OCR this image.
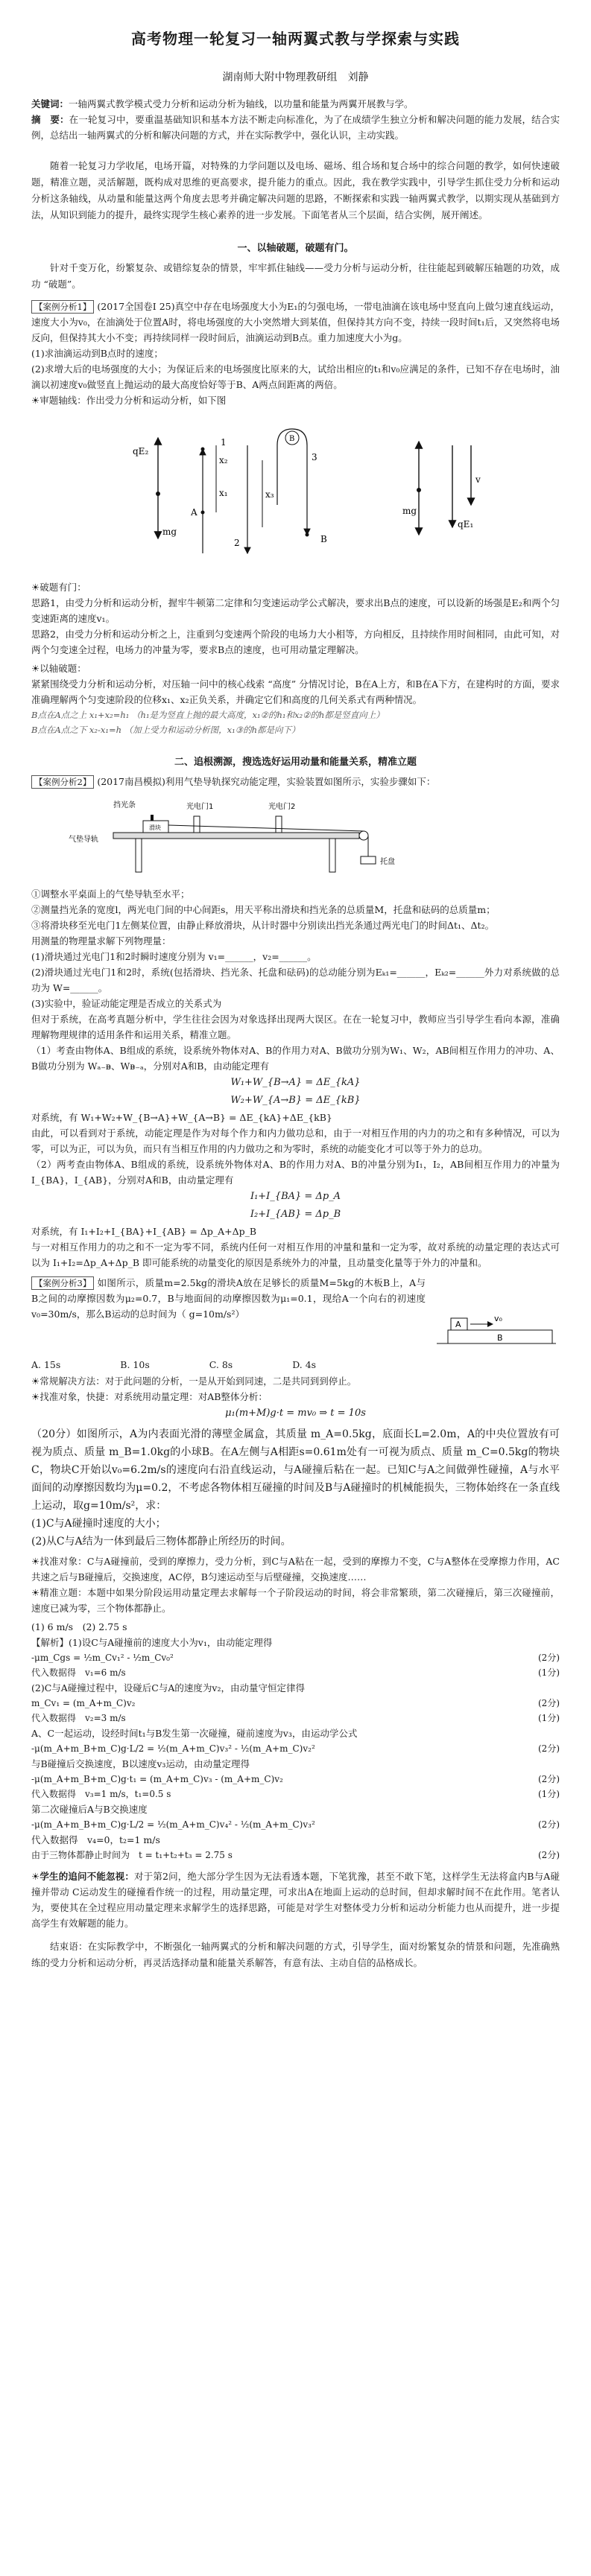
高考物理一轮复习一轴两翼式教与学探索与实践
湖南师大附中物理教研组　刘静
关键词：一轴两翼式教学模式受力分析和运动分析为轴线，以功量和能量为两翼开展教与学。
摘　要：在一轮复习中，要重温基础知识和基本方法不断走向标准化，为了在成绩学生独立分析和解决问题的能力发展，结合实例，总结出一轴两翼式的分析和解决问题的方式，并在实际教学中，强化认识，主动实践。
随着一轮复习力学收尾，电场开篇，对特殊的力学问题以及电场、磁场、组合场和复合场中的综合问题的教学，如何快速破题，精准立题，灵活解题，既构成对思维的更高要求，提升能力的重点。因此，我在教学实践中，引导学生抓住受力分析和运动分析这条轴线，从动量和能量这两个角度去思考并确定解决问题的思路，不断探索和实践一轴两翼式教学，以期实现从基础到方法，从知识到能力的提升，最终实现学生核心素养的进一步发展。下面笔者从三个层面，结合实例，展开阐述。
一、以轴破题，破题有门。
针对千变万化，纷繁复杂、或错综复杂的情景，牢牢抓住轴线——受力分析与运动分析，往往能起到破解压轴题的功效，成功 “破题”。
【案例分析1】 (2017全国卷Ⅰ 25)真空中存在电场强度大小为E₁的匀强电场，一带电油滴在该电场中竖直向上做匀速直线运动，速度大小为v₀，在油滴处于位置A时，将电场强度的大小突然增大到某值，但保持其方向不变，持续一段时间t₁后，又突然将电场反向，但保持其大小不变；再持续同样一段时间后，油滴运动到B点。重力加速度大小为g。
(1)求油滴运动到B点时的速度；
(2)求增大后的电场强度的大小；为保证后来的电场强度比原来的大，试给出相应的t₁和v₀应满足的条件，已知不存在电场时，油滴以初速度v₀做竖直上抛运动的最大高度恰好等于B、A两点间距离的两倍。
☀审题轴线：作出受力分析和运动分析，如下图
qE₂
mg
A
x₁
x₂
1
x₃
2
B
3
B
mg
qE₁
v
☀破题有门：
思路1，由受力分析和运动分析，握牢牛顿第二定律和匀变速运动学公式解决，要求出B点的速度，可以设新的场强是E₂和两个匀变速距离的速度v₁。
思路2，由受力分析和运动分析之上，注重到匀变速两个阶段的电场力大小相等，方向相反，且持续作用时间相同，由此可知，对两个匀变速全过程，电场力的冲量为零，要求B点的速度，也可用动量定理解决。
☀以轴破题：
紧紧围绕受力分析和运动分析，对压轴一问中的核心线索 “高度” 分情况讨论，B在A上方，和B在A下方，在建构时的方面，要求准确理解两个匀变速阶段的位移x₁、x₂正负关系，并确定它们和高度的几何关系式有两种情况。
B点在A点之上 x₁+x₂=h₁ （h₁是为竖直上抛的最大高度，x₁②的h₁和x₂②的h都是竖直向上）
B点在A点之下 x₂-x₁=h （加上受力和运动分析图，x₁③的h都是向下）
二、追根溯源，搜选选好运用动量和能量关系，精准立题
【案例分析2】 (2017南昌模拟)利用气垫导轨探究动能定理，实验装置如图所示，实验步骤如下：
挡光条
滑块
光电门1	光电门2
气垫导轨
托盘
①调整水平桌面上的气垫导轨至水平；
②测量挡光条的宽度l，两光电门间的中心间距s，用天平称出滑块和挡光条的总质量M，托盘和砝码的总质量m；
③将滑块移至光电门1左侧某位置，由静止释放滑块，从计时器中分别读出挡光条通过两光电门的时间Δt₁、Δt₂。
用测量的物理量求解下列物理量：
(1)滑块通过光电门1和2时瞬时速度分别为 v₁=______，v₂=______。
(2)滑块通过光电门1和2时，系统(包括滑块、挡光条、托盘和砝码)的总动能分别为Eₖ₁=______，Eₖ₂=______外力对系统做的总功为 W=______。
(3)实验中，验证动能定理是否成立的关系式为
但对于系统，在高考真题分析中，学生往往会因为对象选择出现两大误区。在在一轮复习中，教师应当引导学生看向本源，准确理解物理规律的适用条件和运用关系，精准立题。
（1）考查由物体A、B组成的系统，设系统外物体对A、B的作用力对A、B做功分别为W₁、W₂，AB间相互作用力的冲功、A、B做功分别为 Wₐ₋ᴃ、Wᴃ₋ₐ，分别对A和B，由动能定理有
W₁+W_{B→A} = ΔE_{kA}
W₂+W_{A→B} = ΔE_{kB}
对系统，有 W₁+W₂+W_{B→A}+W_{A→B} = ΔE_{kA}+ΔE_{kB}
由此，可以看到对于系统，动能定理是作为对每个作力和内力做功总和，由于一对相互作用的内力的功之和有多种情况，可以为零，可以为正，可以为负，而只有当相互作用的内力做功之和为零时，系统的动能变化才可以等于外力的总功。
（2）两考查由物体A、B组成的系统，设系统外物体对A、B的作用力对A、B的冲量分别为I₁，I₂，AB间相互作用力的冲量为I_{BA}，I_{AB}，分别对A和B，由动量定理有
I₁+I_{BA} = Δp_A
I₂+I_{AB} = Δp_B
对系统，有 I₁+I₂+I_{BA}+I_{AB} = Δp_A+Δp_B
与一对相互作用力的功之和不一定为零不同，系统内任何一对相互作用的冲量和量和一定为零，故对系统的动量定理的表达式可以为 I₁+I₂=Δp_A+Δp_B 即可能系统的动量变化的原因是系统外力的冲量，且动量变化量等于外力的冲量和。
【案例分析3】 如图所示，质量m=2.5kg的滑块A放在足够长的质量M=5kg的木板B上，A与B之间的动摩擦因数为μ₂=0.7，B与地面间的动摩擦因数为μ₁=0.1，现给A一个向右的初速度v₀=30m/s，那么B运动的总时间为（ g=10m/s²）
B
A
v₀
A. 15s	B. 10s	C. 8s	D. 4s
☀常规解决方法：对于此问题的分析，一是从开始到同速，二是共同到到停止。
☀找准对象，快捷：对系统用动量定理：对AB整体分析：
μ₁(m+M)g·t = mv₀ ⇒ t = 10s
（20分）如图所示，A为内表面光滑的薄壁金属盒，其质量 m_A=0.5kg，底面长L=2.0m，A的中央位置放有可视为质点、质量 m_B=1.0kg的小球B。在A左侧与A相距s=0.61m处有一可视为质点、质量 m_C=0.5kg的物块C，物块C开始以v₀=6.2m/s的速度向右沿直线运动，与A碰撞后粘在一起。已知C与A之间做弹性碰撞，A与水平面间的动摩擦因数均为μ=0.2，不考虑各物体相互碰撞的时间及B与A碰撞时的机械能损失，三物体始终在一条直线上运动，取g=10m/s²，求：
(1)C与A碰撞时速度的大小；
(2)从C与A结为一体到最后三物体都静止所经历的时间。
☀找准对象：C与A碰撞前，受到的摩擦力，受力分析，到C与A粘在一起，受到的摩擦力不变，C与A整体在受摩擦力作用，AC共速之后与B碰撞后，交换速度，AC停，B匀速运动至与后壁碰撞，交换速度……
☀精准立题：本题中如果分阶段运用动量定理去求解每一个子阶段运动的时间，将会非常繁琐，第二次碰撞后，第三次碰撞前，速度已减为零，三个物体都静止。
(1) 6 m/s　(2) 2.75 s
【解析】(1)设C与A碰撞前的速度大小为v₁，由动能定理得
-μm_Cgs = ½m_Cv₁² - ½m_Cv₀²	(2分)
代入数据得　v₁=6 m/s	(1分)
(2)C与A碰撞过程中，设碰后C与A的速度为v₂，由动量守恒定律得
m_Cv₁ = (m_A+m_C)v₂	(2分)
代入数据得　v₂=3 m/s	(1分)
A、C一起运动，设经时间t₁与B发生第一次碰撞，碰前速度为v₃，由运动学公式
-μ(m_A+m_B+m_C)g·L/2 = ½(m_A+m_C)v₃² - ½(m_A+m_C)v₂²	(2分)
与B碰撞后交换速度，B以速度v₃运动，由动量定理得
-μ(m_A+m_B+m_C)g·t₁ = (m_A+m_C)v₃ - (m_A+m_C)v₂	(2分)
代入数据得　v₃=1 m/s，t₁=0.5 s	(1分)
第二次碰撞后A与B交换速度
-μ(m_A+m_B+m_C)g·L/2 = ½(m_A+m_C)v₄² - ½(m_A+m_C)v₃²	(2分)
代入数据得　v₄=0，t₂=1 m/s
由于三物体都静止时间为　t = t₁+t₂+t₃ = 2.75 s	(2分)
☀学生的追问不能忽视：对于第2问，绝大部分学生因为无法看透本题，下笔犹豫，甚至不敢下笔，这样学生无法将盒内B与A碰撞并带动 C运动发生的碰撞看作统一的过程，用动量定理，可求出A在地面上运动的总时间，但却求解时间不在此作用。笔者认为，要使其在全过程应用动量定理来求解学生的选择思路，可能是对学生对整体受力分析和运动分析能力也从而提升，进一步提高学生有效解题的能力。
结束语：在实际教学中，不断强化一轴两翼式的分析和解决问题的方式，引导学生，面对纷繁复杂的情景和问题，先准确熟练的受力分析和运动分析，再灵活选择动量和能量关系解答，有意有法、主动自信的品格成长。
